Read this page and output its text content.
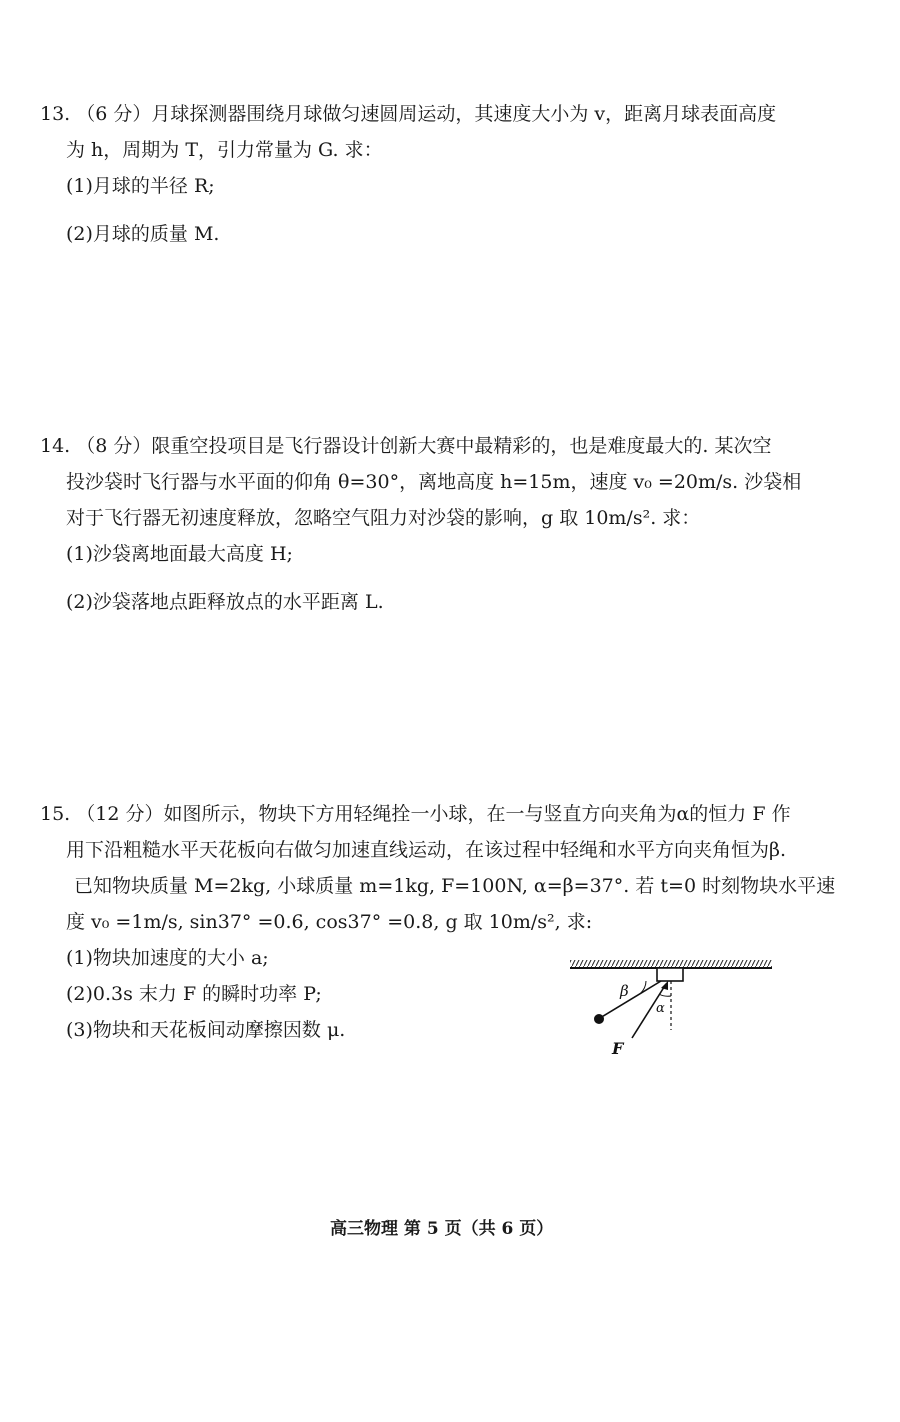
13. （6 分）月球探测器围绕月球做匀速圆周运动，其速度大小为 v，距离月球表面高度
为 h，周期为 T，引力常量为 G. 求：
(1)月球的半径 R;
(2)月球的质量 M.
14. （8 分）限重空投项目是飞行器设计创新大赛中最精彩的，也是难度最大的. 某次空
投沙袋时飞行器与水平面的仰角 θ=30°，离地高度 h=15m，速度 v₀ =20m/s. 沙袋相
对于飞行器无初速度释放，忽略空气阻力对沙袋的影响，g 取 10m/s². 求：
(1)沙袋离地面最大高度 H;
(2)沙袋落地点距释放点的水平距离 L.
15. （12 分）如图所示，物块下方用轻绳拴一小球，在一与竖直方向夹角为α的恒力 F 作
用下沿粗糙水平天花板向右做匀加速直线运动，在该过程中轻绳和水平方向夹角恒为β.
已知物块质量 M=2kg, 小球质量 m=1kg, F=100N, α=β=37°. 若 t=0 时刻物块水平速
度 v₀ =1m/s, sin37° =0.6, cos37° =0.8, g 取 10m/s², 求:
(1)物块加速度的大小 a;
(2)0.3s 末力 F 的瞬时功率 P;
(3)物块和天花板间动摩擦因数 μ.
β
α
F
高三物理 第 5 页（共 6 页）
